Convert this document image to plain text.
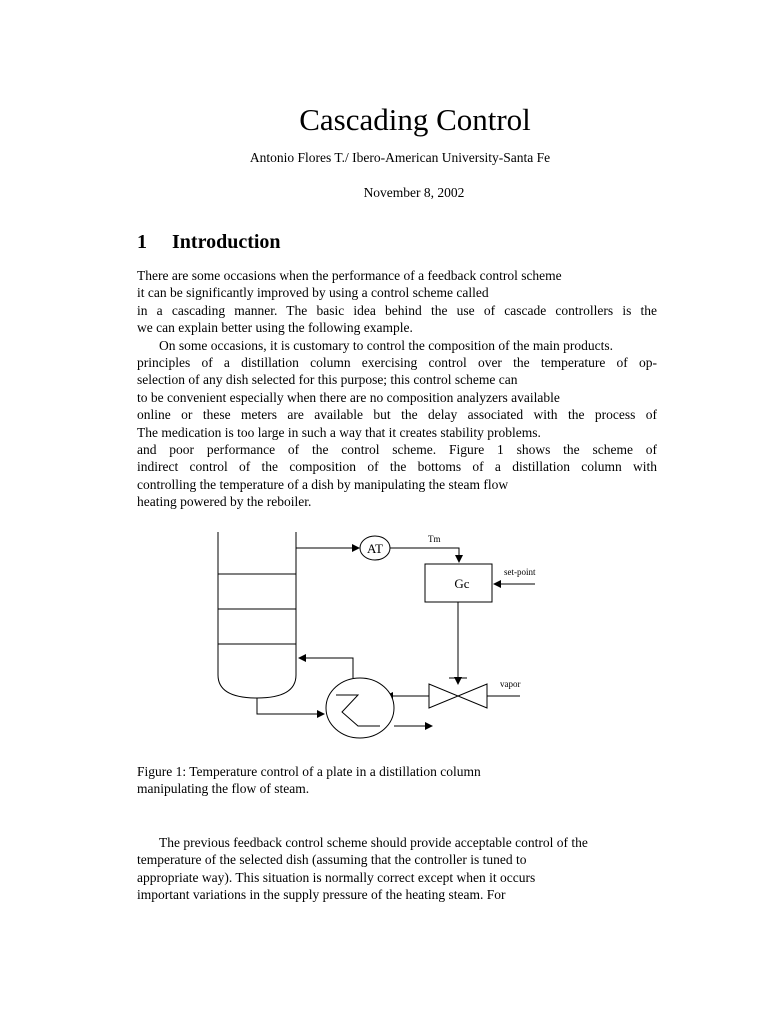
Cascading Control
Antonio Flores T./ Ibero-American University-Santa Fe
November 8, 2002
1 Introduction
There are some occasions when the performance of a feedback control scheme
it can be significantly improved by using a control scheme called
in a cascading manner. The basic idea behind the use of cascade controllers is the
we can explain better using the following example.
On some occasions, it is customary to control the composition of the main products.
principles of a distillation column exercising control over the temperature of op-
selection of any dish selected for this purpose; this control scheme can
to be convenient especially when there are no composition analyzers available
online or these meters are available but the delay associated with the process of
The medication is too large in such a way that it creates stability problems.
and poor performance of the control scheme. Figure 1 shows the scheme of
indirect control of the composition of the bottoms of a distillation column with
controlling the temperature of a dish by manipulating the steam flow
heating powered by the reboiler.
AT
Tm
Gc
set-point
vapor
Figure 1: Temperature control of a plate in a distillation column
manipulating the flow of steam.
The previous feedback control scheme should provide acceptable control of the
temperature of the selected dish (assuming that the controller is tuned to
appropriate way). This situation is normally correct except when it occurs
important variations in the supply pressure of the heating steam. For
